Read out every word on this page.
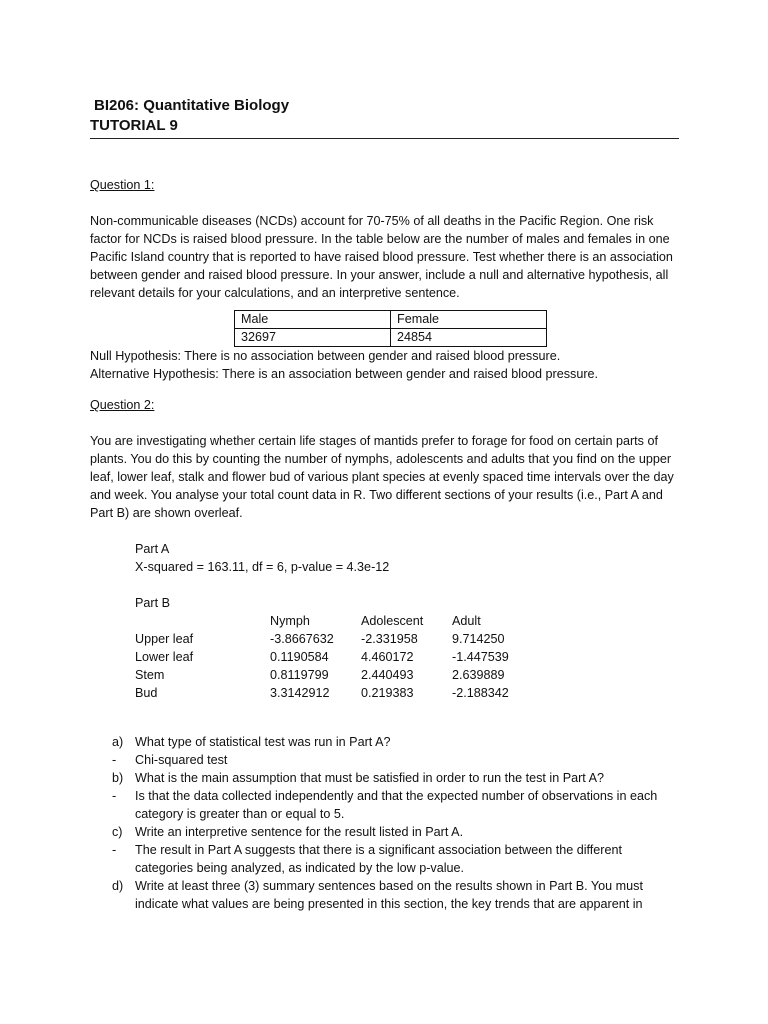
BI206: Quantitative Biology
TUTORIAL 9

Question 1:

Non-communicable diseases (NCDs) account for 70-75% of all deaths in the Pacific Region. One risk factor for NCDs is raised blood pressure. In the table below are the number of males and females in one Pacific Island country that is reported to have raised blood pressure. Test whether there is an association between gender and raised blood pressure. In your answer, include a null and alternative hypothesis, all relevant details for your calculations, and an interpretive sentence.

Male	Female
32697	24854

Null Hypothesis: There is no association between gender and raised blood pressure.

Alternative Hypothesis: There is an association between gender and raised blood pressure.

Question 2:

You are investigating whether certain life stages of mantids prefer to forage for food on certain parts of plants. You do this by counting the number of nymphs, adolescents and adults that you find on the upper leaf, lower leaf, stalk and flower bud of various plant species at evenly spaced time intervals over the day and week. You analyse your total count data in R. Two different sections of your results (i.e., Part A and Part B) are shown overleaf.

Part A

X-squared = 163.11, df = 6, p-value = 4.3e-12

Part B

	Nymph	Adolescent	Adult
Upper leaf	-3.8667632	-2.331958	9.714250
Lower leaf	0.1190584	4.460172	-1.447539
Stem	0.8119799	2.440493	2.639889
Bud	3.3142912	0.219383	-2.188342
a) What type of statistical test was run in Part A?
-	Chi-squared test
b) What is the main assumption that must be satisfied in order to run the test in Part A?
-	Is that the data collected independently and that the expected number of observations in each category is greater than or equal to 5.
c) Write an interpretive sentence for the result listed in Part A.
-	The result in Part A suggests that there is a significant association between the different categories being analyzed, as indicated by the low p-value.
d) Write at least three (3) summary sentences based on the results shown in Part B. You must indicate what values are being presented in this section, the key trends that are apparent in
